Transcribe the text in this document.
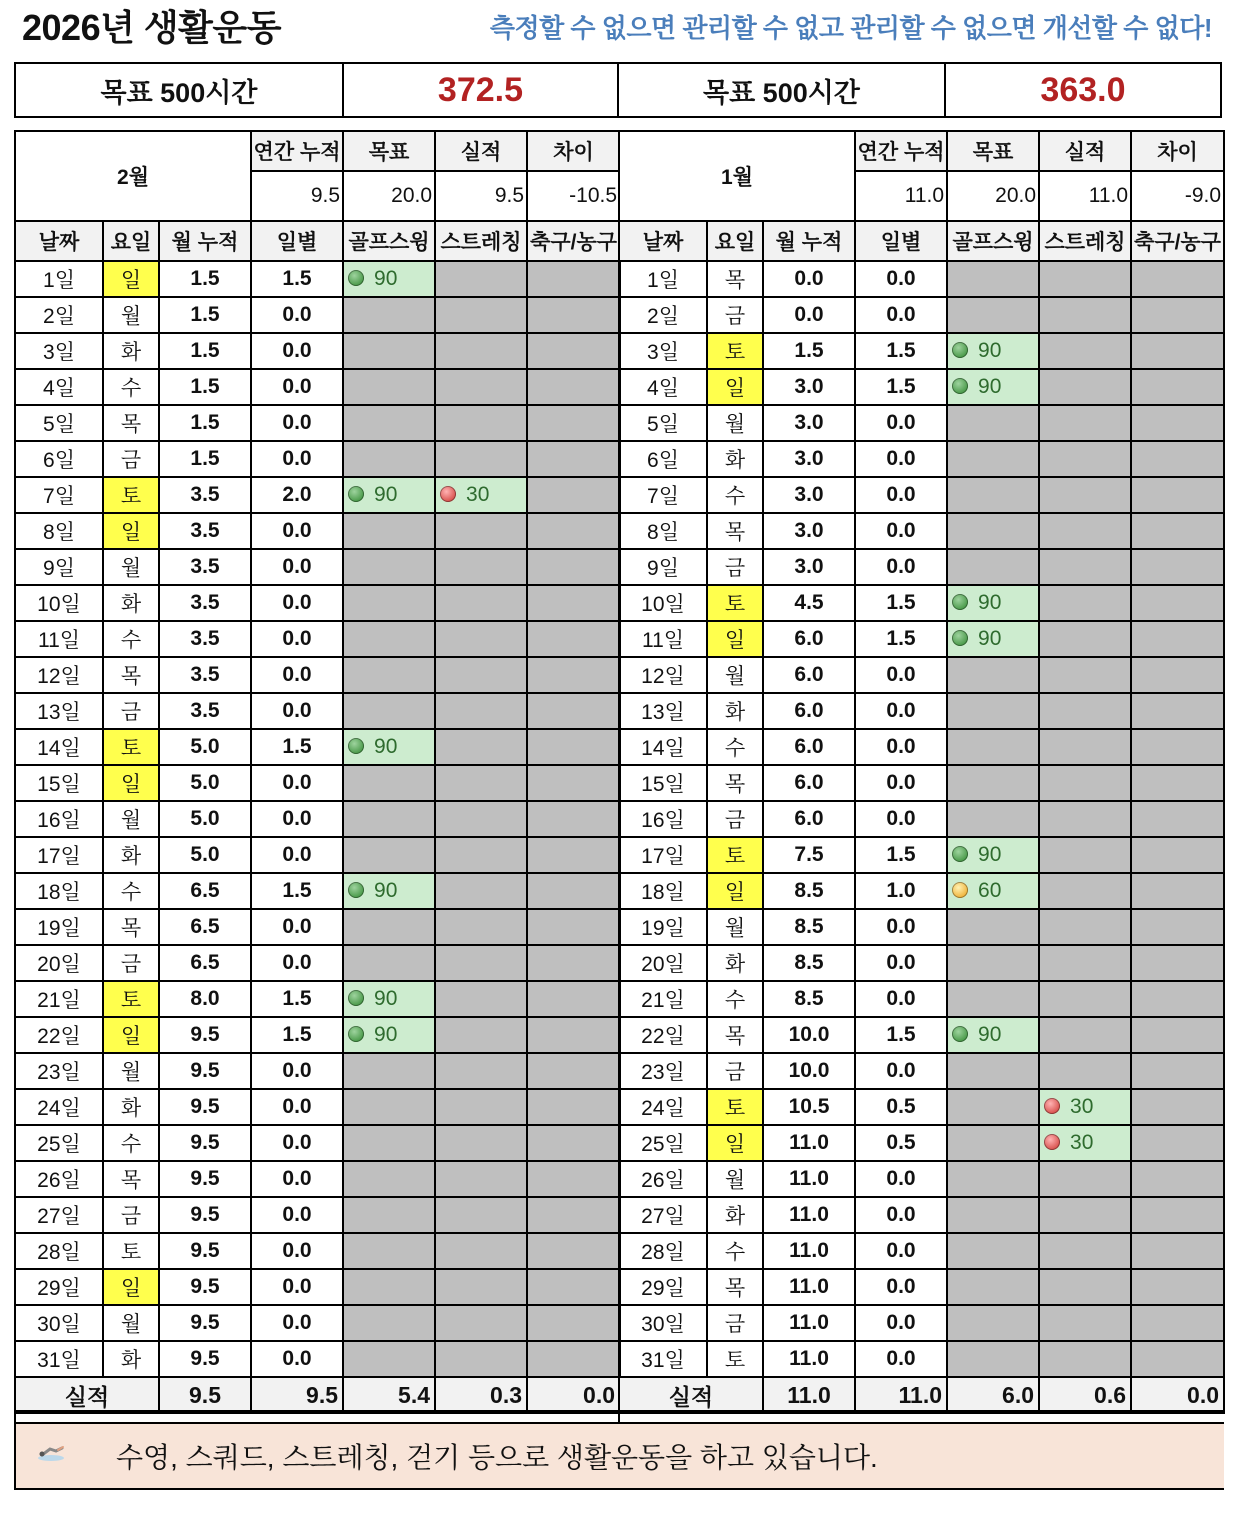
2026년 생활운동	측정할 수 없으면 관리할 수 없고 관리할 수 없으면 개선할 수 없다!
목표 500시간	372.5	목표 500시간	363.0
2월			연간 누적	목표	실적	차이
			9.5	20.0	9.5	-10.5
날짜	요일	월 누적	일별	골프스윙	스트레칭	축구/농구
1일	일	1.5	1.5	90		
2일	월	1.5	0.0			
3일	화	1.5	0.0			
4일	수	1.5	0.0			
5일	목	1.5	0.0			
6일	금	1.5	0.0			
7일	토	3.5	2.0	90	30	
8일	일	3.5	0.0			
9일	월	3.5	0.0			
10일	화	3.5	0.0			
11일	수	3.5	0.0			
12일	목	3.5	0.0			
13일	금	3.5	0.0			
14일	토	5.0	1.5	90		
15일	일	5.0	0.0			
16일	월	5.0	0.0			
17일	화	5.0	0.0			
18일	수	6.5	1.5	90		
19일	목	6.5	0.0			
20일	금	6.5	0.0			
21일	토	8.0	1.5	90		
22일	일	9.5	1.5	90		
23일	월	9.5	0.0			
24일	화	9.5	0.0			
25일	수	9.5	0.0			
26일	목	9.5	0.0			
27일	금	9.5	0.0			
28일	토	9.5	0.0			
29일	일	9.5	0.0			
30일	월	9.5	0.0			
31일	화	9.5	0.0			
실적		9.5	9.5	5.4	0.3	0.0
1월			연간 누적	목표	실적	차이
			11.0	20.0	11.0	-9.0
날짜	요일	월 누적	일별	골프스윙	스트레칭	축구/농구
1일	목	0.0	0.0			
2일	금	0.0	0.0			
3일	토	1.5	1.5	90		
4일	일	3.0	1.5	90		
5일	월	3.0	0.0			
6일	화	3.0	0.0			
7일	수	3.0	0.0			
8일	목	3.0	0.0			
9일	금	3.0	0.0			
10일	토	4.5	1.5	90		
11일	일	6.0	1.5	90		
12일	월	6.0	0.0			
13일	화	6.0	0.0			
14일	수	6.0	0.0			
15일	목	6.0	0.0			
16일	금	6.0	0.0			
17일	토	7.5	1.5	90		
18일	일	8.5	1.0	60		
19일	월	8.5	0.0			
20일	화	8.5	0.0			
21일	수	8.5	0.0			
22일	목	10.0	1.5	90		
23일	금	10.0	0.0			
24일	토	10.5	0.5		30	
25일	일	11.0	0.5		30	
26일	월	11.0	0.0			
27일	화	11.0	0.0			
28일	수	11.0	0.0			
29일	목	11.0	0.0			
30일	금	11.0	0.0			
31일	토	11.0	0.0			
실적		11.0	11.0	6.0	0.6	0.0
수영, 스쿼드, 스트레칭, 걷기 등으로 생활운동을 하고 있습니다.
